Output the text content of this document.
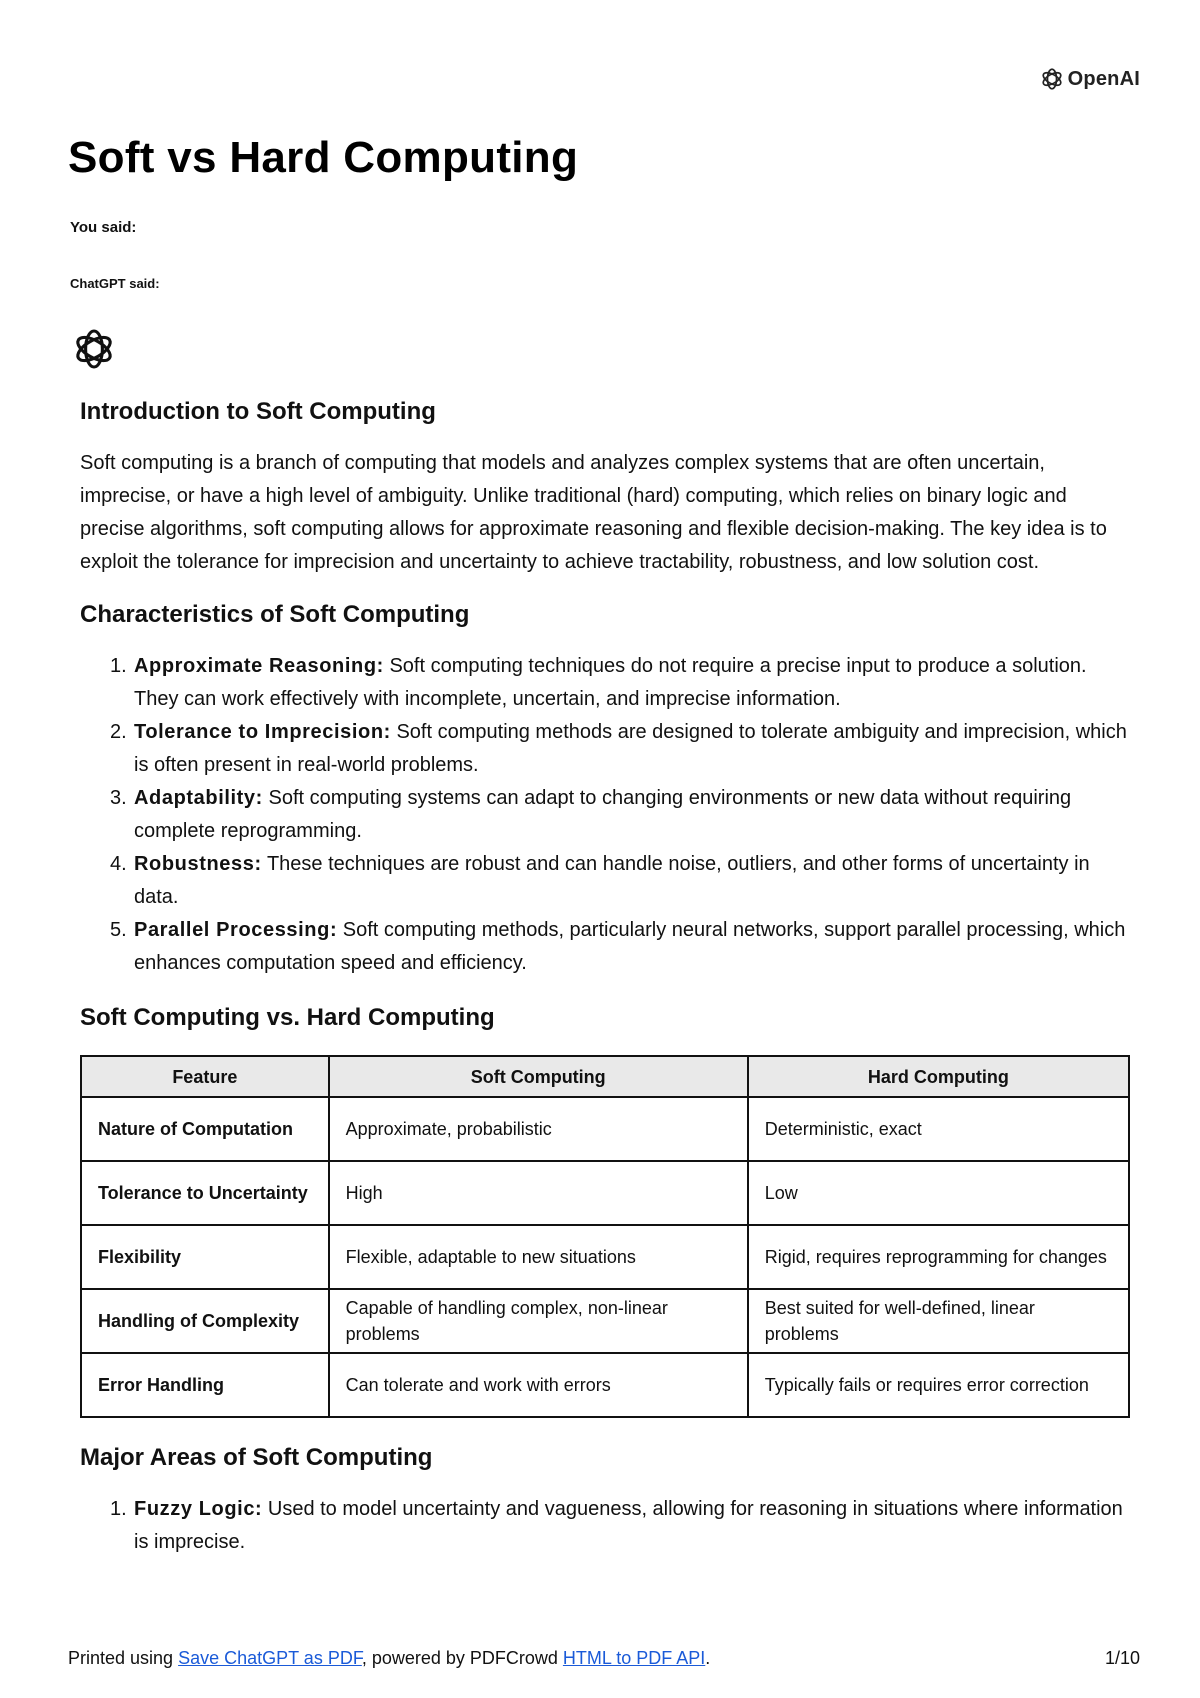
OpenAI
Soft vs Hard Computing
You said:
ChatGPT said:
Introduction to Soft Computing

Soft computing is a branch of computing that models and analyzes complex systems that are often uncertain, imprecise, or have a high level of ambiguity. Unlike traditional (hard) computing, which relies on binary logic and precise algorithms, soft computing allows for approximate reasoning and flexible decision-making. The key idea is to exploit the tolerance for imprecision and uncertainty to achieve tractability, robustness, and low solution cost.

Characteristics of Soft Computing
1. Approximate Reasoning: Soft computing techniques do not require a precise input to produce a solution. They can work effectively with incomplete, uncertain, and imprecise information.
2. Tolerance to Imprecision: Soft computing methods are designed to tolerate ambiguity and imprecision, which is often present in real-world problems.
3. Adaptability: Soft computing systems can adapt to changing environments or new data without requiring complete reprogramming.
4. Robustness: These techniques are robust and can handle noise, outliers, and other forms of uncertainty in data.
5. Parallel Processing: Soft computing methods, particularly neural networks, support parallel processing, which enhances computation speed and efficiency.
Soft Computing vs. Hard Computing
Feature	Soft Computing	Hard Computing
Nature of Computation	Approximate, probabilistic	Deterministic, exact
Tolerance to Uncertainty	High	Low
Flexibility	Flexible, adaptable to new situations	Rigid, requires reprogramming for changes
Handling of Complexity	Capable of handling complex, non-linear problems	Best suited for well-defined, linear problems
Error Handling	Can tolerate and work with errors	Typically fails or requires error correction
Major Areas of Soft Computing
1. Fuzzy Logic: Used to model uncertainty and vagueness, allowing for reasoning in situations where information is imprecise.
Printed using Save ChatGPT as PDF, powered by PDFCrowd HTML to PDF API.	1/10
